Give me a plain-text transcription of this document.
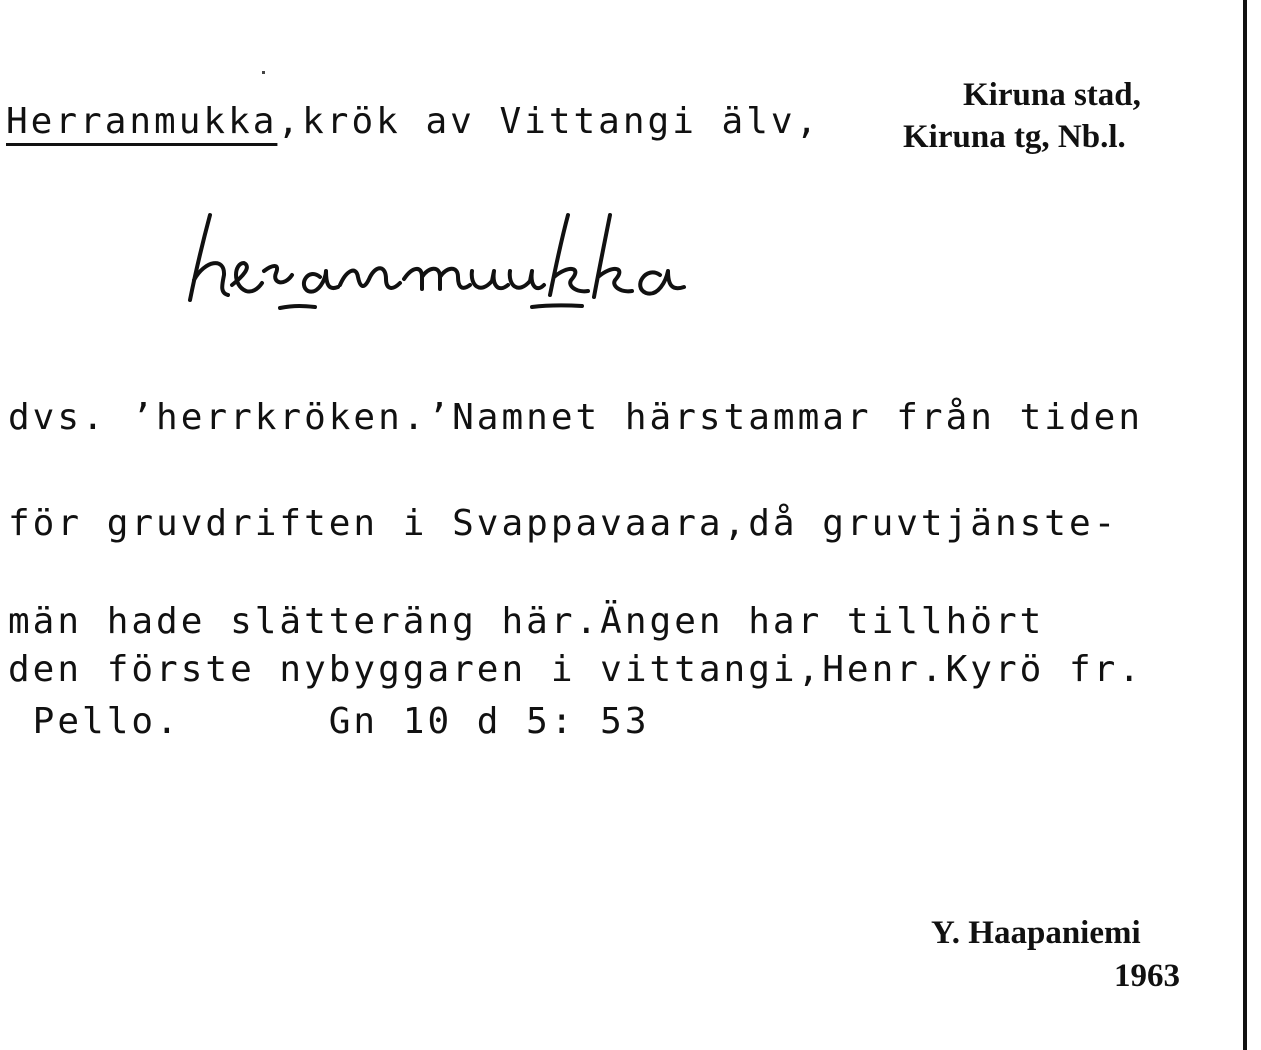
Herranmukka,krök av Vittangi älv,
Kiruna stad,
Kiruna tg, Nb.l.
dvs. ’herrkröken.’Namnet härstammar från tiden
för gruvdriften i Svappavaara,då gruvtjänste-
män hade slätteräng här.Ängen har tillhört
den förste nybyggaren i vittangi,Henr.Kyrö fr.
Pello.      Gn 10 d 5: 53
Y. Haapaniemi
1963
